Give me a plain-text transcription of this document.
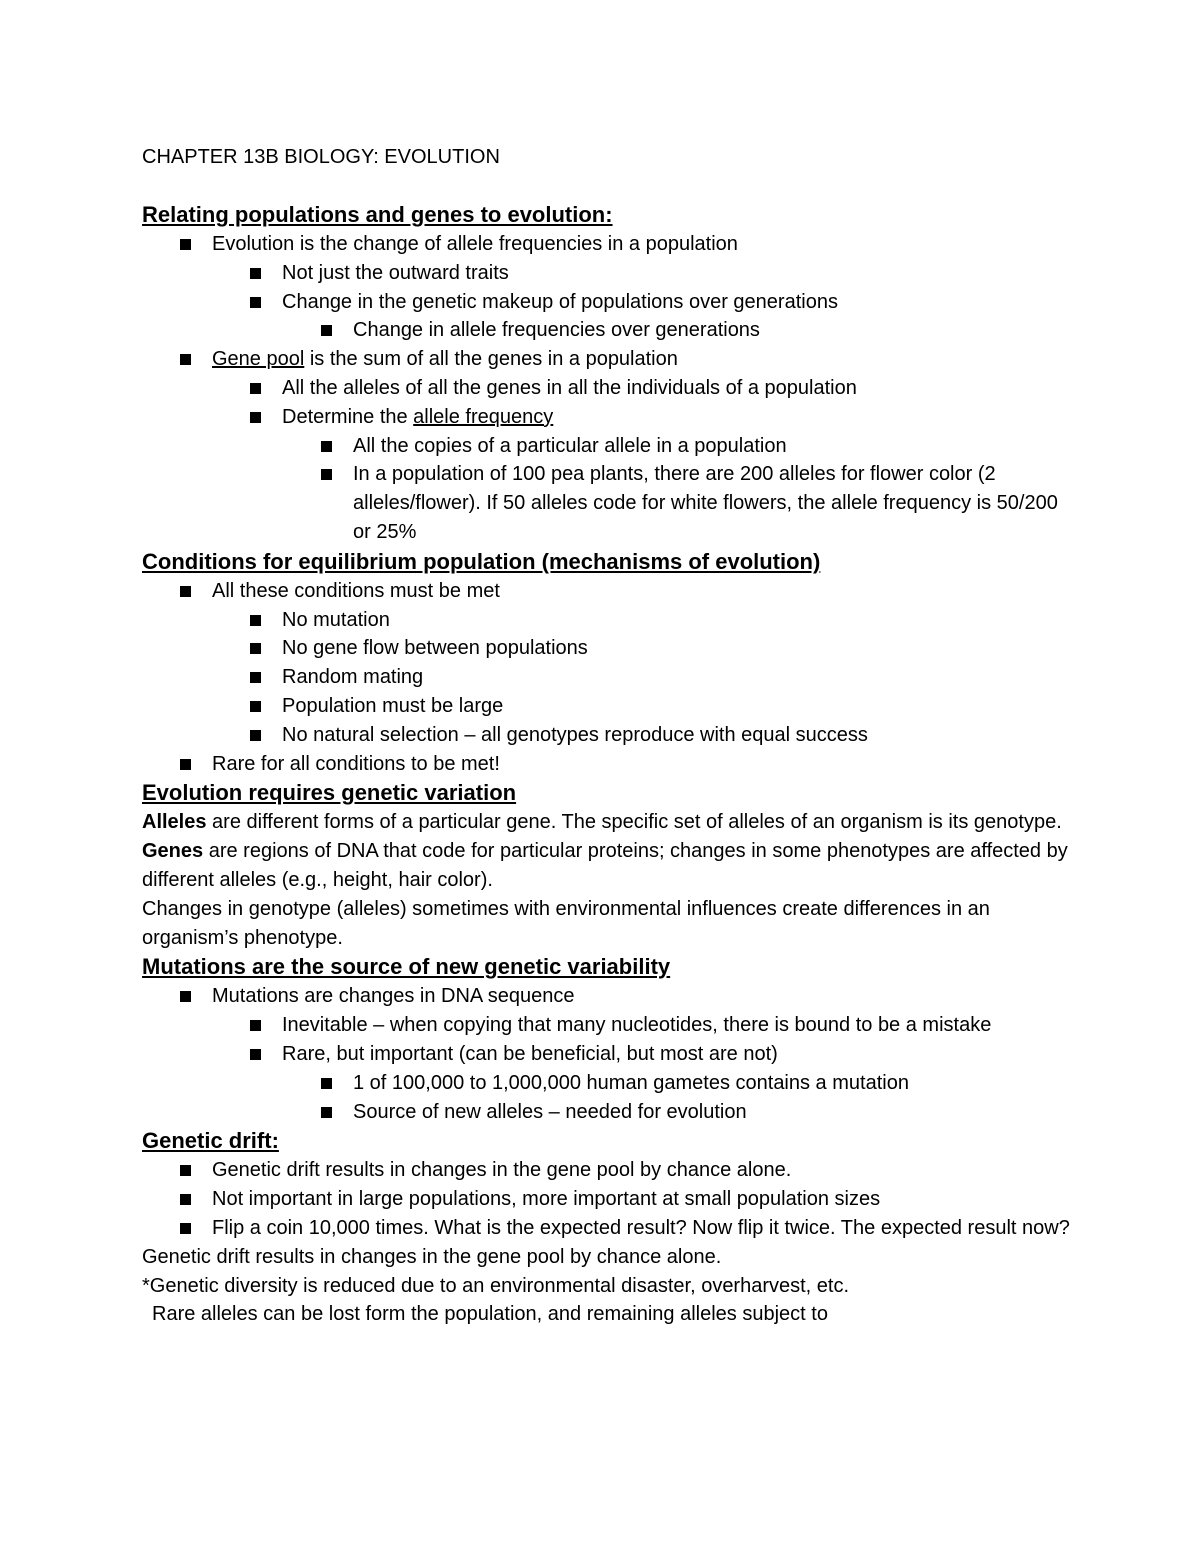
CHAPTER 13B BIOLOGY: EVOLUTION
Relating populations and genes to evolution:

Evolution is the change of allele frequencies in a population

Not just the outward traits

Change in the genetic makeup of populations over generations

Change in allele frequencies over generations

Gene pool is the sum of all the genes in a population

All the alleles of all the genes in all the individuals of a population

Determine the allele frequency

All the copies of a particular allele in a population

In a population of 100 pea plants, there are 200 alleles for flower color (2 alleles/flower). If 50 alleles code for white flowers, the allele frequency is 50/200 or 25%

Conditions for equilibrium population (mechanisms of evolution)

All these conditions must be met

No mutation

No gene flow between populations

Random mating

Population must be large

No natural selection – all genotypes reproduce with equal success

Rare for all conditions to be met!

Evolution requires genetic variation

Alleles are different forms of a particular gene. The specific set of alleles of an organism is its genotype.

Genes are regions of DNA that code for particular proteins; changes in some phenotypes are affected by different alleles (e.g., height, hair color).

Changes in genotype (alleles) sometimes with environmental influences create differences in an organism’s phenotype.

Mutations are the source of new genetic variability

Mutations are changes in DNA sequence

Inevitable – when copying that many nucleotides, there is bound to be a mistake

Rare, but important (can be beneficial, but most are not)

1 of 100,000 to 1,000,000 human gametes contains a mutation

Source of new alleles – needed for evolution

Genetic drift:

Genetic drift results in changes in the gene pool by chance alone.

Not important in large populations, more important at small population sizes

Flip a coin 10,000 times. What is the expected result? Now flip it twice. The expected result now?

Genetic drift results in changes in the gene pool by chance alone.

*Genetic diversity is reduced due to an environmental disaster, overharvest, etc.

Rare alleles can be lost form the population, and remaining alleles subject to
